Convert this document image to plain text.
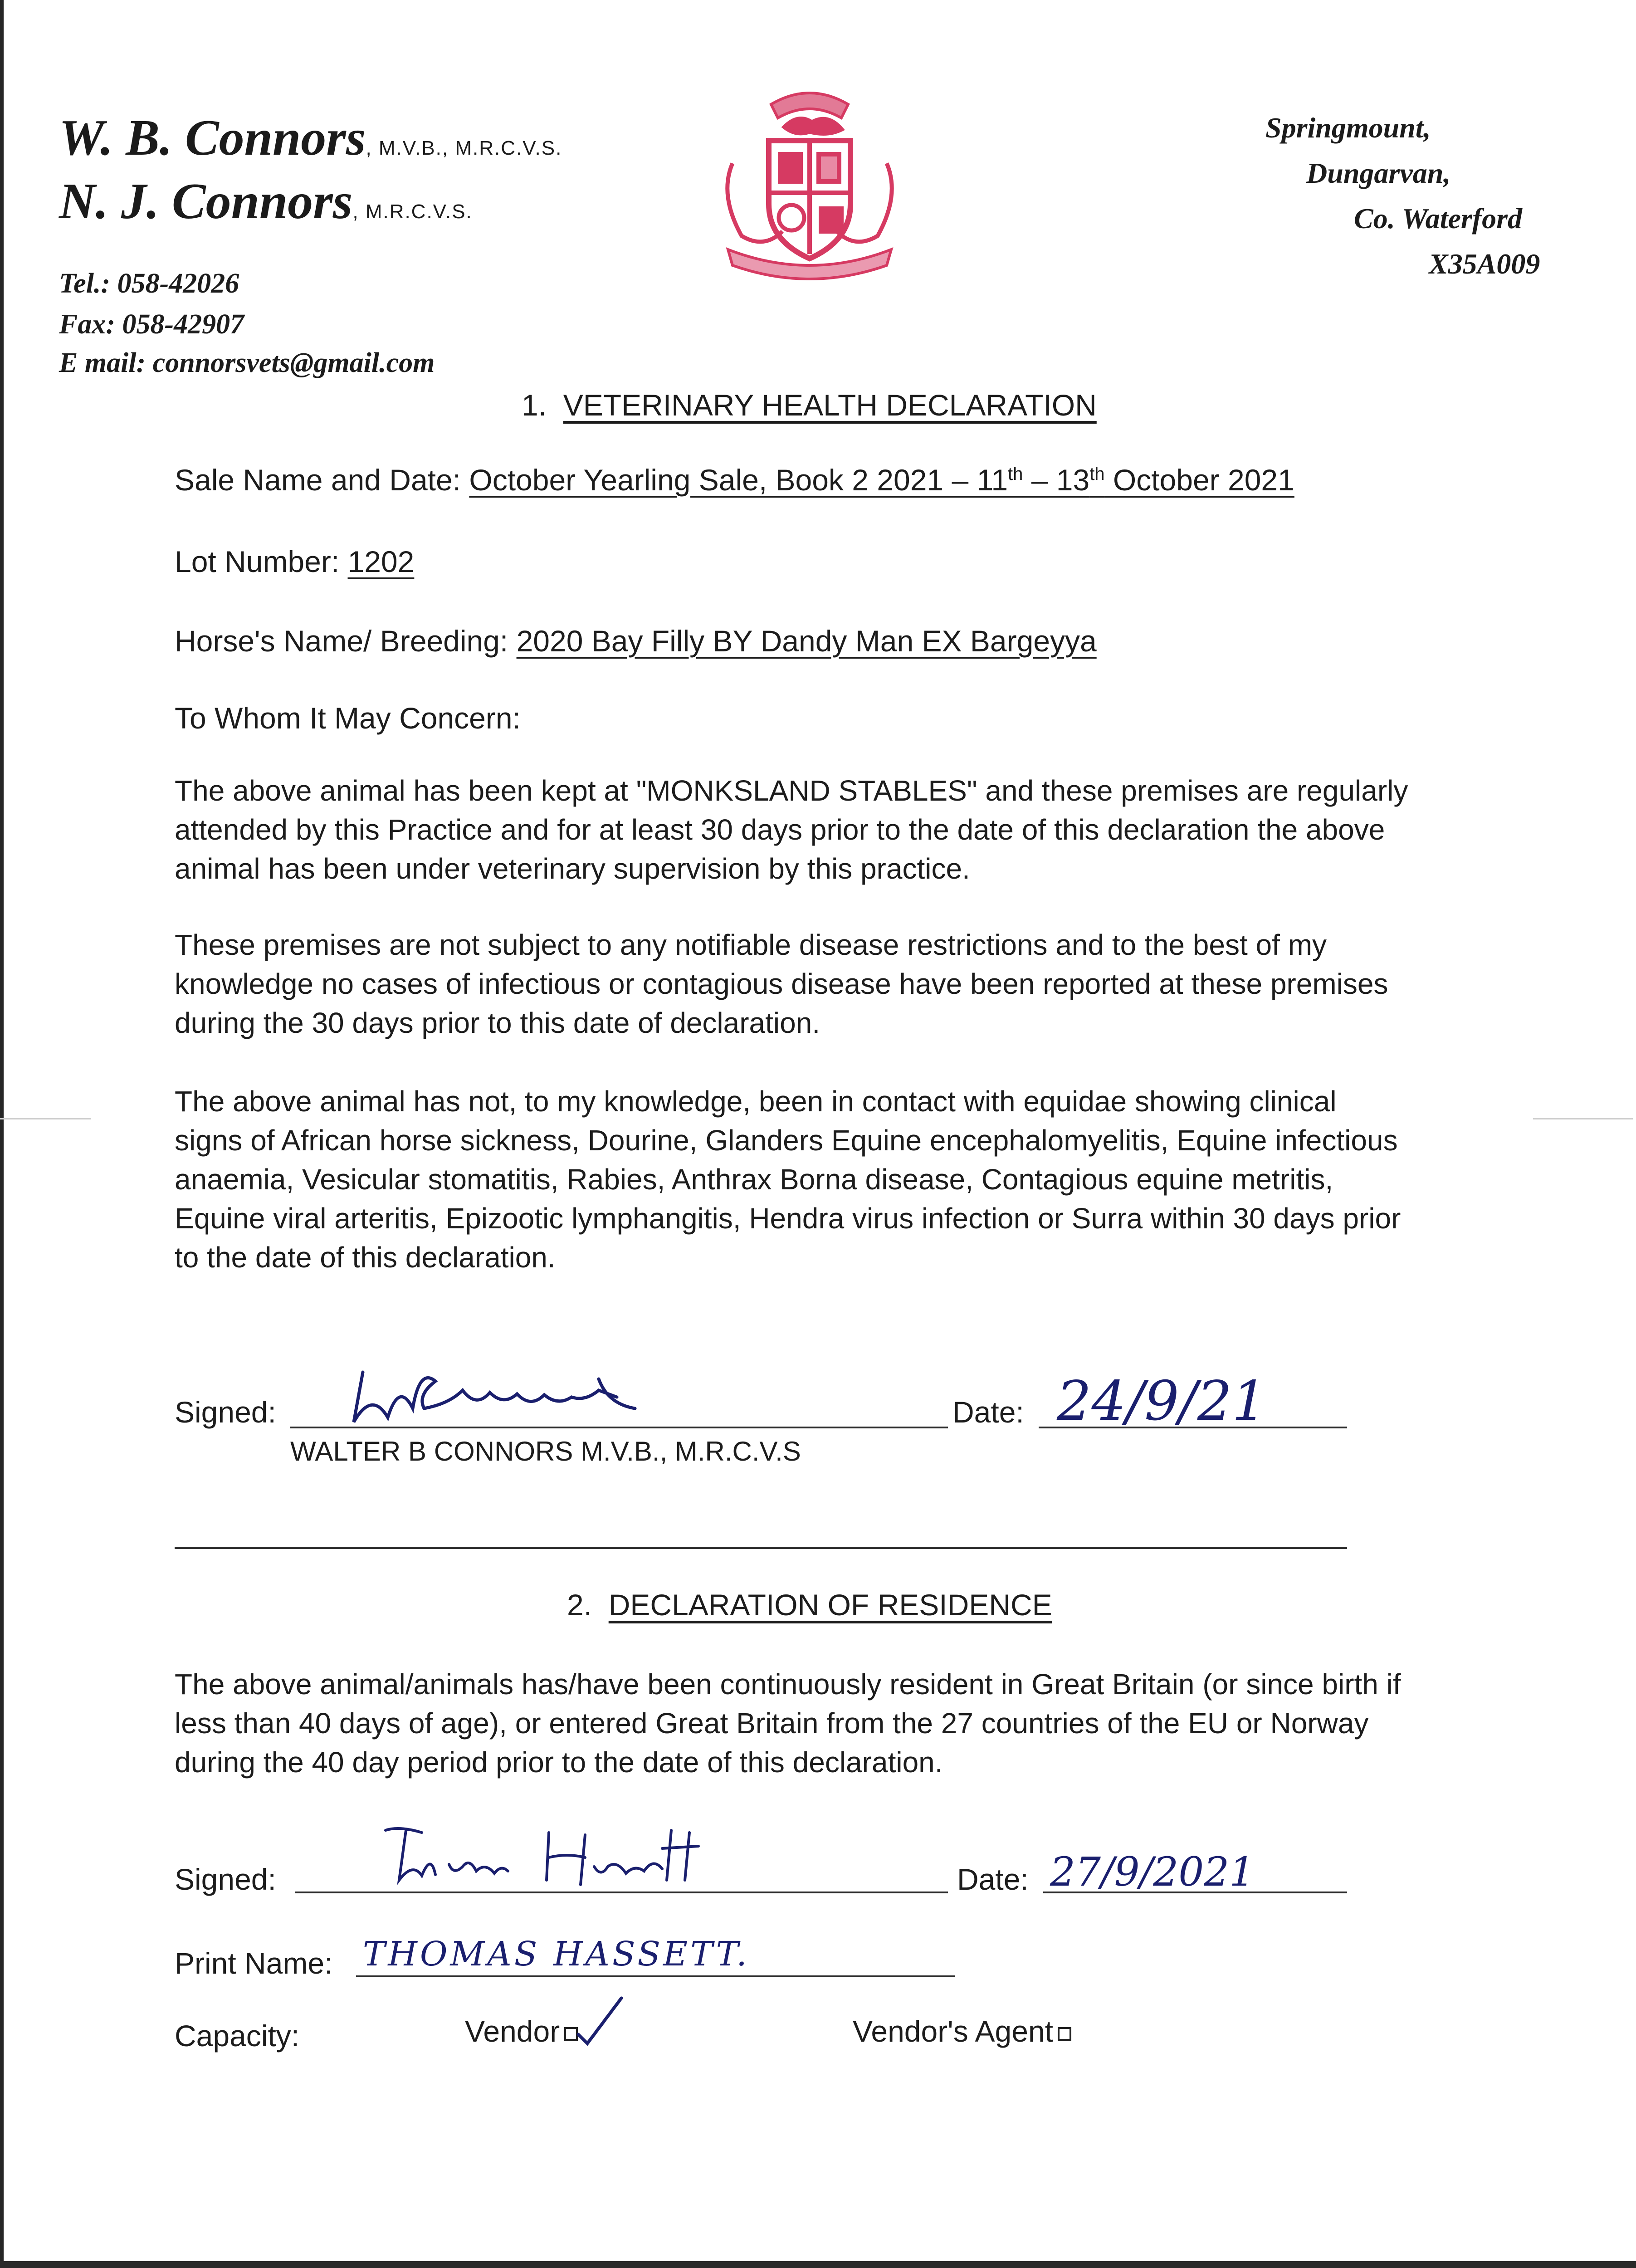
W. B. Connors, M.V.B., M.R.C.V.S.
N. J. Connors, M.R.C.V.S.
Tel.: 058-42026
Fax: 058-42907
E mail: connorsvets@gmail.com
Springmount,
Dungarvan,
Co. Waterford
X35A009
1. VETERINARY HEALTH DECLARATION
Sale Name and Date: October Yearling Sale, Book 2 2021 – 11th – 13th October 2021
Lot Number: 1202
Horse's Name/ Breeding: 2020 Bay Filly BY Dandy Man EX Bargeyya
To Whom It May Concern:
The above animal has been kept at "MONKSLAND STABLES" and these premises are regularly attended by this Practice and for at least 30 days prior to the date of this declaration the above animal has been under veterinary supervision by this practice.
These premises are not subject to any notifiable disease restrictions and to the best of my knowledge no cases of infectious or contagious disease have been reported at these premises during the 30 days prior to this date of declaration.
The above animal has not, to my knowledge, been in contact with equidae showing clinical signs of African horse sickness, Dourine, Glanders Equine encephalomyelitis, Equine infectious anaemia, Vesicular stomatitis, Rabies, Anthrax Borna disease, Contagious equine metritis, Equine viral arteritis, Epizootic lymphangitis, Hendra virus infection or Surra within 30 days prior to the date of this declaration.
Signed:
WALTER B CONNORS M.V.B., M.R.C.V.S
Date: 24/9/21
2. DECLARATION OF RESIDENCE
The above animal/animals has/have been continuously resident in Great Britain (or since birth if less than 40 days of age), or entered Great Britain from the 27 countries of the EU or Norway during the 40 day period prior to the date of this declaration.
Signed:	Date: 27/9/2021
Print Name: THOMAS HASSETT.
Capacity:	Vendor	Vendor's Agent
